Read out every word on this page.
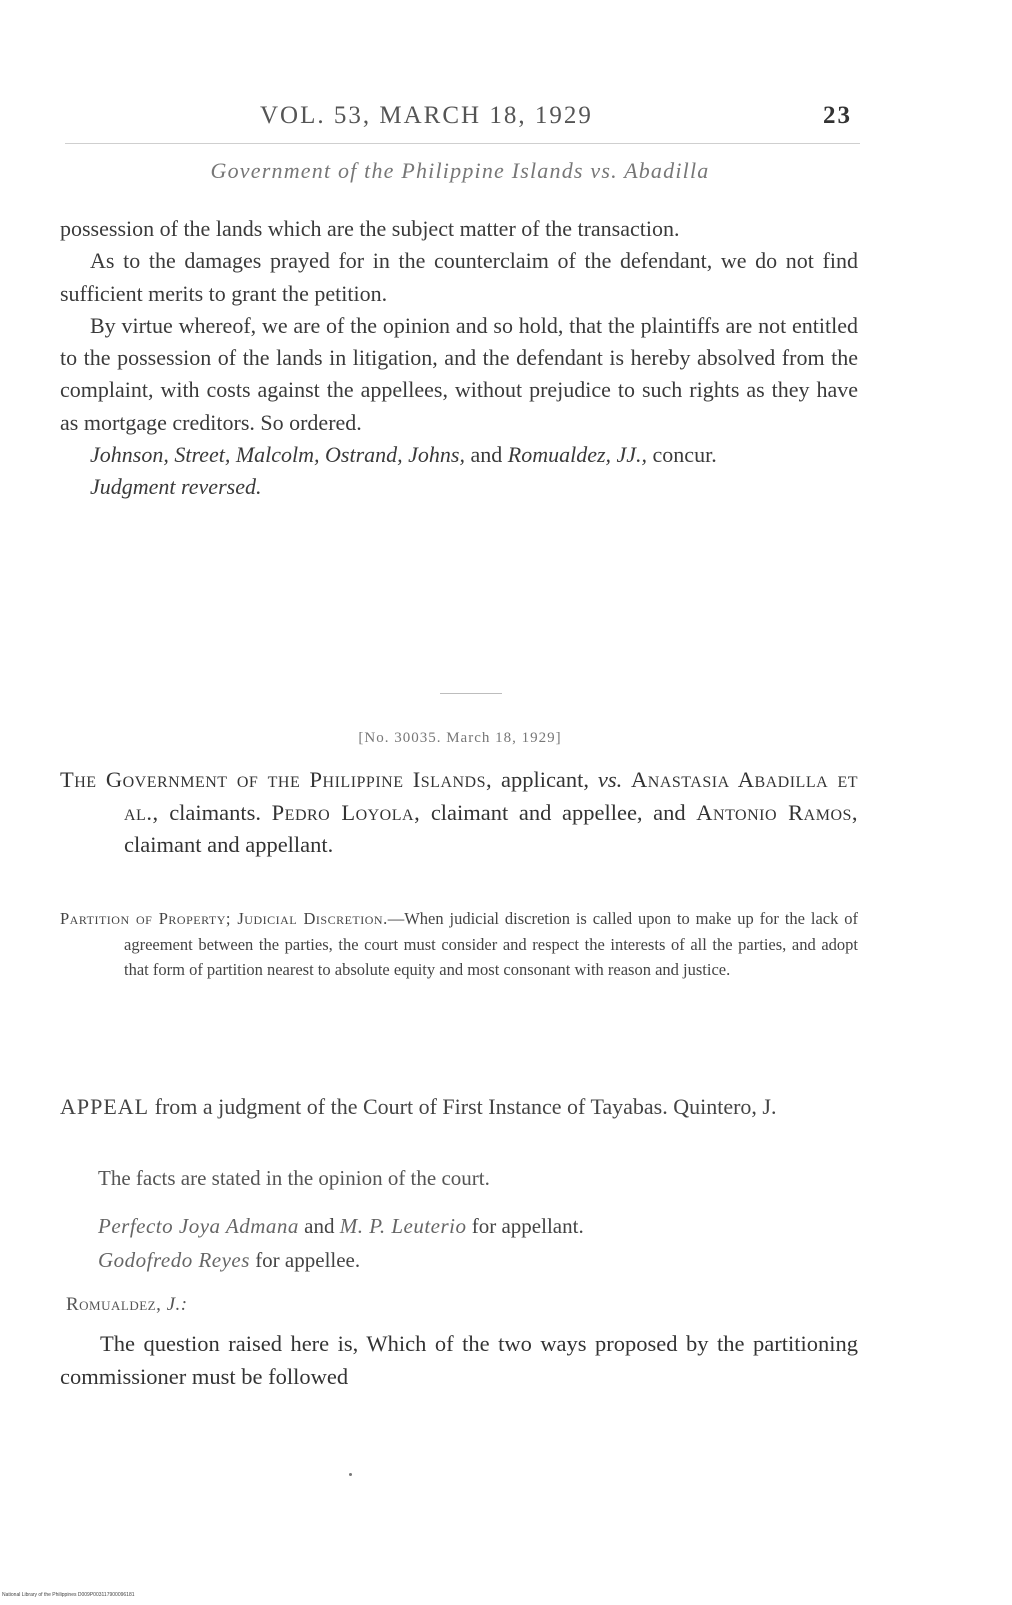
VOL. 53, MARCH 18, 1929	23
Government of the Philippine Islands vs. Abadilla

possession of the lands which are the subject matter of the transaction.

As to the damages prayed for in the counterclaim of the defendant, we do not find sufficient merits to grant the petition.

By virtue whereof, we are of the opinion and so hold, that the plaintiffs are not entitled to the possession of the lands in litigation, and the defendant is hereby absolved from the complaint, with costs against the appellees, without prejudice to such rights as they have as mortgage creditors. So ordered.

Johnson, Street, Malcolm, Ostrand, Johns, and Romualdez, JJ., concur.

Judgment reversed.

[No. 30035. March 18, 1929]
The Government of the Philippine Islands, applicant, vs. Anastasia Abadilla et al., claimants. Pedro Loyola, claimant and appellee, and Antonio Ramos, claimant and appellant.
Partition of Property; Judicial Discretion.—When judicial discretion is called upon to make up for the lack of agreement between the parties, the court must consider and respect the interests of all the parties, and adopt that form of partition nearest to absolute equity and most consonant with reason and justice.
APPEAL from a judgment of the Court of First Instance of Tayabas. Quintero, J.
The facts are stated in the opinion of the court.

Perfecto Joya Admana and M. P. Leuterio for appellant.

Godofredo Reyes for appellee.

Romualdez, J.:

The question raised here is, Which of the two ways proposed by the partitioning commissioner must be followed

National Library of the Philippines D009P003117900096181
